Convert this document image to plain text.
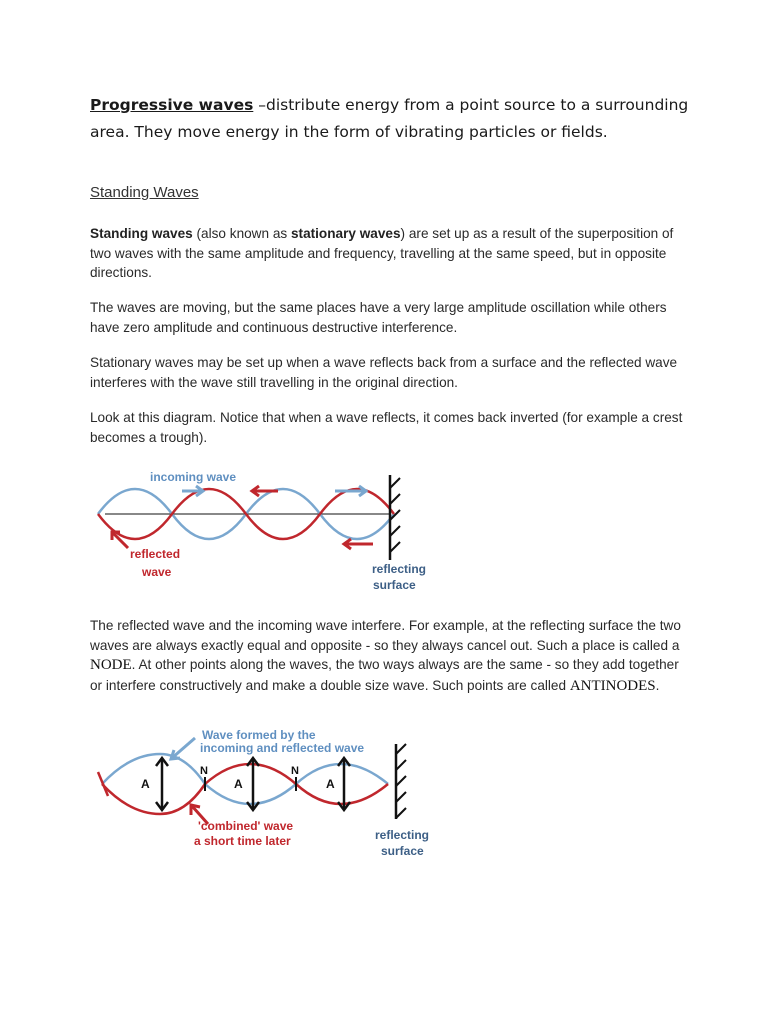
Progressive waves –distribute energy from a point source to a surrounding area. They move energy in the form of vibrating particles or fields.
Standing Waves
Standing waves (also known as stationary waves) are set up as a result of the superposition of two waves with the same amplitude and frequency, travelling at the same speed, but in opposite directions.
The waves are moving, but the same places have a very large amplitude oscillation while others have zero amplitude and continuous destructive interference.
Stationary waves may be set up when a wave reflects back from a surface and the reflected wave interferes with the wave still travelling in the original direction.
Look at this diagram. Notice that when a wave reflects, it comes back inverted (for example a crest becomes a trough).
incoming wave
reflected
wave	reflecting
surface
The reflected wave and the incoming wave interfere. For example, at the reflecting surface the two waves are always exactly equal and opposite - so they always cancel out. Such a place is called a NODE. At other points along the waves, the two ways always are the same - so they add together or interfere constructively and make a double size wave. Such points are called ANTINODES.
N	N
A	A	A
Wave formed by the
incoming and reflected wave
'combined' wave
a short time later	reflecting
surface
